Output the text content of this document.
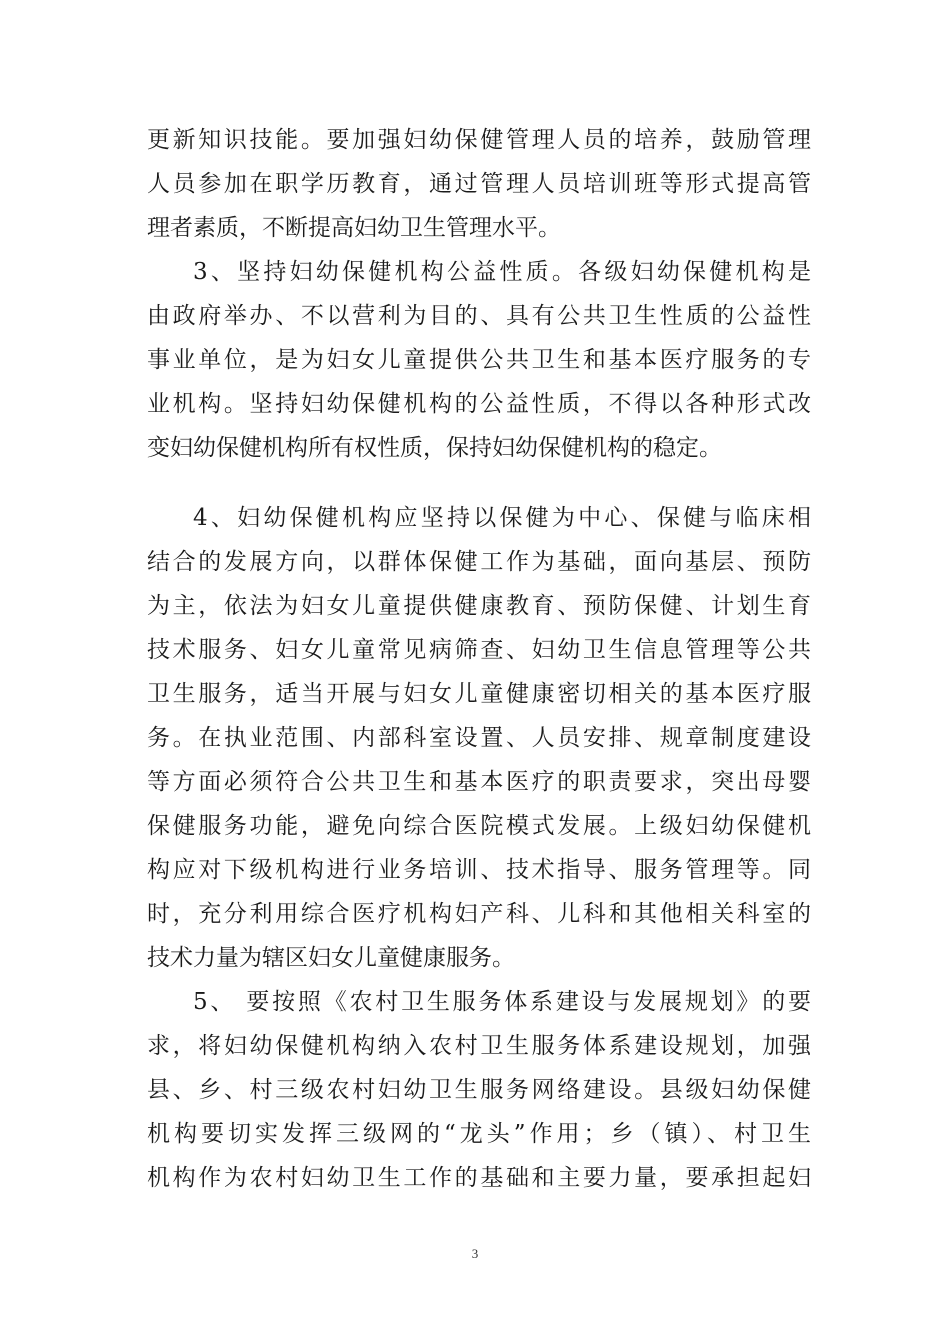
更新知识技能。要加强妇幼保健管理人员的培养，鼓励管理
人员参加在职学历教育，通过管理人员培训班等形式提高管
理者素质，不断提高妇幼卫生管理水平。
3、坚持妇幼保健机构公益性质。各级妇幼保健机构是
由政府举办、不以营利为目的、具有公共卫生性质的公益性
事业单位，是为妇女儿童提供公共卫生和基本医疗服务的专
业机构。坚持妇幼保健机构的公益性质，不得以各种形式改
变妇幼保健机构所有权性质，保持妇幼保健机构的稳定。
4、妇幼保健机构应坚持以保健为中心、保健与临床相
结合的发展方向，以群体保健工作为基础，面向基层、预防
为主，依法为妇女儿童提供健康教育、预防保健、计划生育
技术服务、妇女儿童常见病筛查、妇幼卫生信息管理等公共
卫生服务，适当开展与妇女儿童健康密切相关的基本医疗服
务。在执业范围、内部科室设置、人员安排、规章制度建设
等方面必须符合公共卫生和基本医疗的职责要求，突出母婴
保健服务功能，避免向综合医院模式发展。上级妇幼保健机
构应对下级机构进行业务培训、技术指导、服务管理等。同
时，充分利用综合医疗机构妇产科、儿科和其他相关科室的
技术力量为辖区妇女儿童健康服务。
5、 要按照《农村卫生服务体系建设与发展规划》的要
求，将妇幼保健机构纳入农村卫生服务体系建设规划，加强
县、乡、村三级农村妇幼卫生服务网络建设。县级妇幼保健
机构要切实发挥三级网的“龙头”作用；乡（镇）、村卫生
机构作为农村妇幼卫生工作的基础和主要力量，要承担起妇
3
